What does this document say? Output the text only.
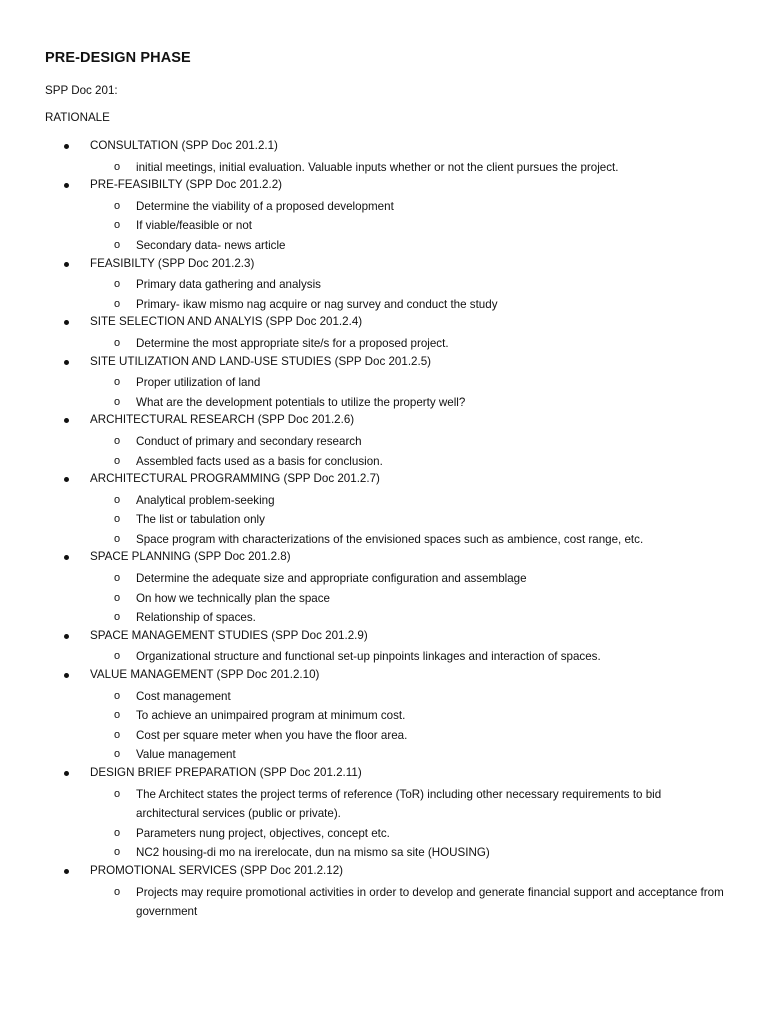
PRE-DESIGN PHASE
SPP Doc 201:
RATIONALE
CONSULTATION (SPP Doc 201.2.1)
o initial meetings, initial evaluation. Valuable inputs whether or not the client pursues the project.
PRE-FEASIBILTY (SPP Doc 201.2.2)
o Determine the viability of a proposed development
o If viable/feasible or not
o Secondary data- news article
FEASIBILTY (SPP Doc 201.2.3)
o Primary data gathering and analysis
o Primary- ikaw mismo nag acquire or nag survey and conduct the study
SITE SELECTION AND ANALYIS (SPP Doc 201.2.4)
o Determine the most appropriate site/s for a proposed project.
SITE UTILIZATION AND LAND-USE STUDIES (SPP Doc 201.2.5)
o Proper utilization of land
o What are the development potentials to utilize the property well?
ARCHITECTURAL RESEARCH (SPP Doc 201.2.6)
o Conduct of primary and secondary research
o Assembled facts used as a basis for conclusion.
ARCHITECTURAL PROGRAMMING (SPP Doc 201.2.7)
o Analytical problem-seeking
o The list or tabulation only
o Space program with characterizations of the envisioned spaces such as ambience, cost range, etc.
SPACE PLANNING (SPP Doc 201.2.8)
o Determine the adequate size and appropriate configuration and assemblage
o On how we technically plan the space
o Relationship of spaces.
SPACE MANAGEMENT STUDIES (SPP Doc 201.2.9)
o Organizational structure and functional set-up pinpoints linkages and interaction of spaces.
VALUE MANAGEMENT (SPP Doc 201.2.10)
o Cost management
o To achieve an unimpaired program at minimum cost.
o Cost per square meter when you have the floor area.
o Value management
DESIGN BRIEF PREPARATION (SPP Doc 201.2.11)
o The Architect states the project terms of reference (ToR) including other necessary requirements to bid architectural services (public or private).
o Parameters nung project, objectives, concept etc.
o NC2 housing-di mo na irerelocate, dun na mismo sa site (HOUSING)
PROMOTIONAL SERVICES (SPP Doc 201.2.12)
o Projects may require promotional activities in order to develop and generate financial support and acceptance from government
